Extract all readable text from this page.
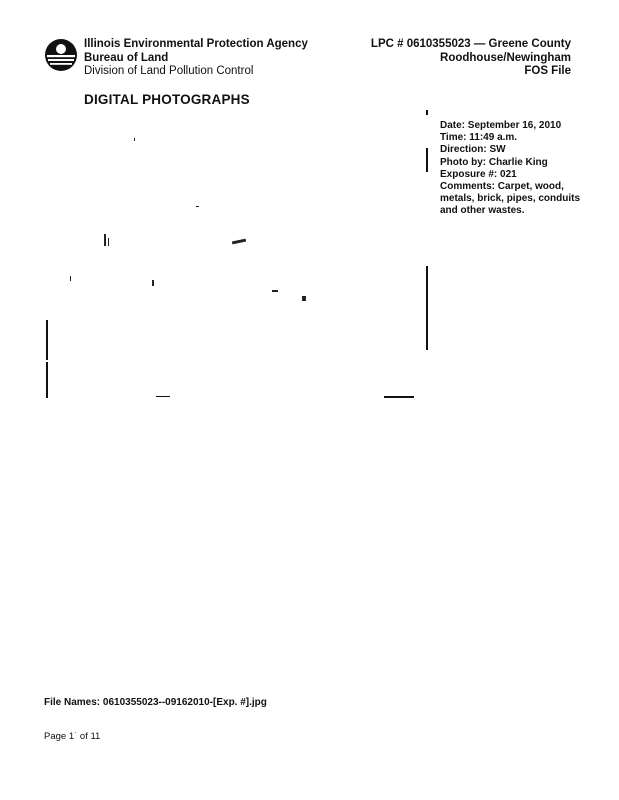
Illinois Environmental Protection Agency
Bureau of Land
Division of Land Pollution Control
LPC # 0610355023 — Greene County
Roodhouse/Newingham
FOS File
DIGITAL PHOTOGRAPHS
Date: September 16, 2010
Time: 11:49 a.m.
Direction: SW
Photo by: Charlie King
Exposure #: 021
Comments: Carpet, wood, metals, brick, pipes, conduits and other wastes.
File Names: 0610355023--09162010-[Exp. #].jpg
Page 1˙ of 11
